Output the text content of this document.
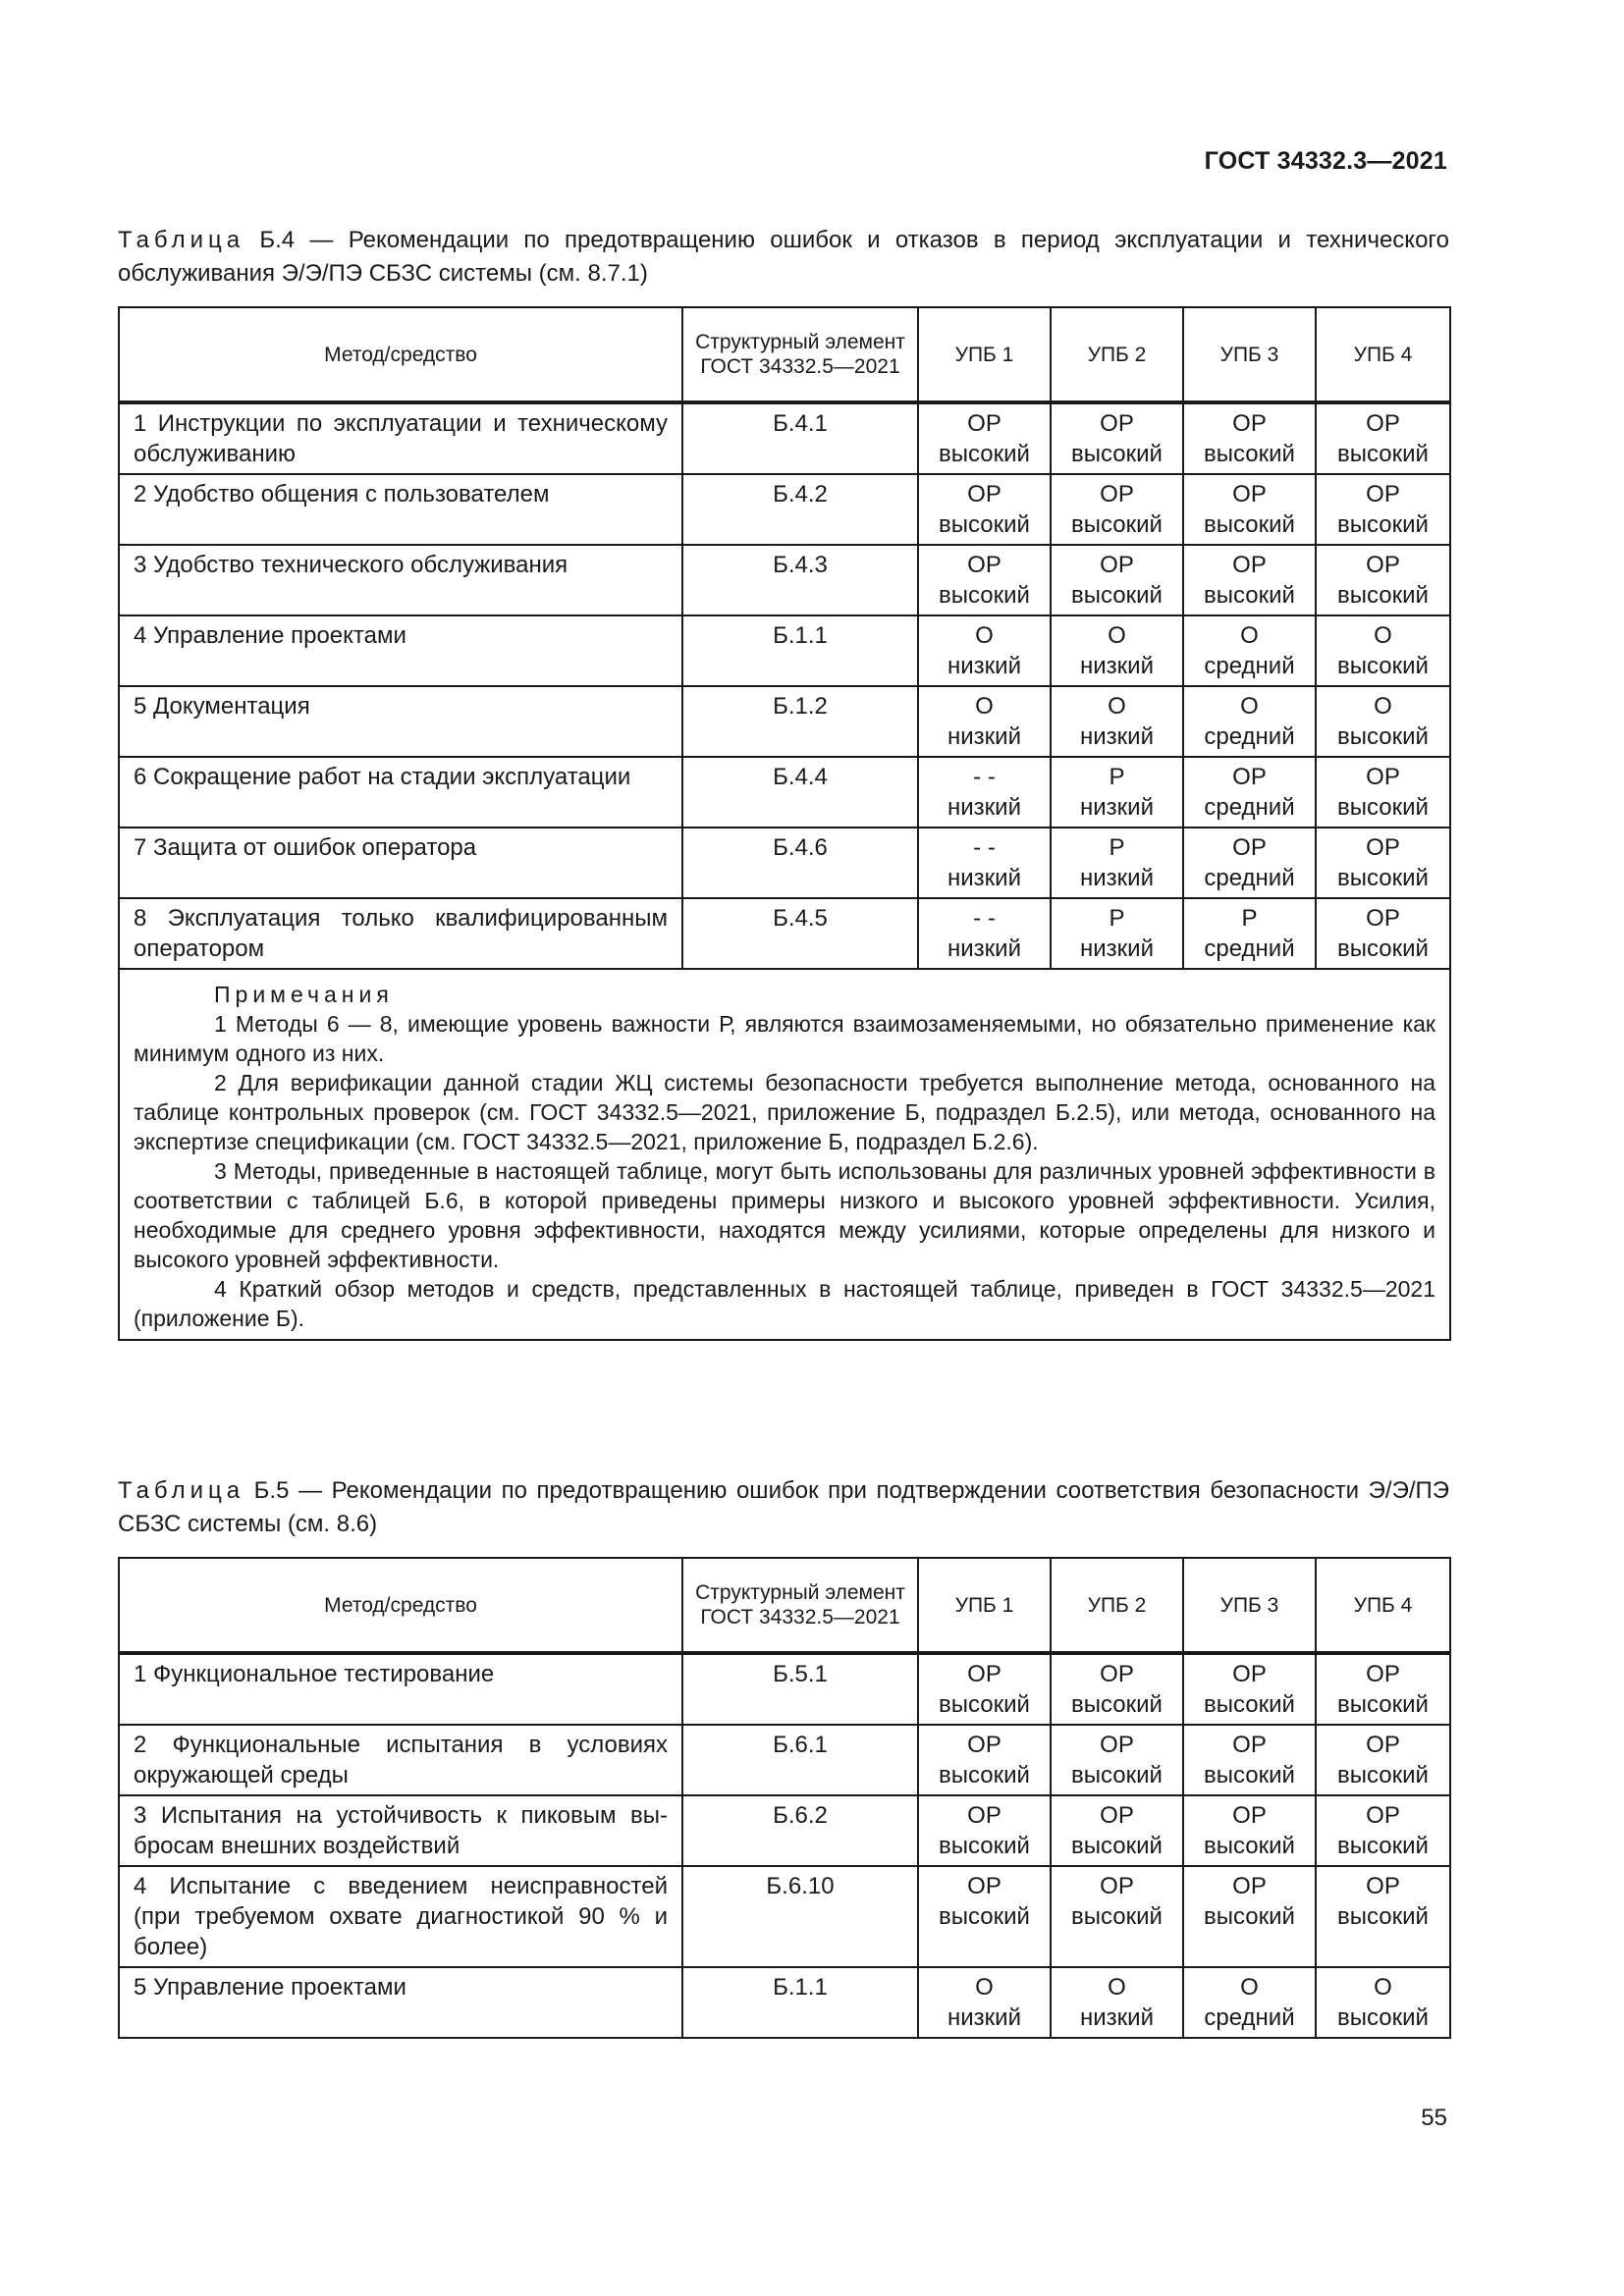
ГОСТ 34332.3—2021
Таблица Б.4 — Рекомендации по предотвращению ошибок и отказов в период эксплуатации и технического обслуживания Э/Э/ПЭ СБЗС системы (см. 8.7.1)
Метод/средство	Структурный элемент ГОСТ 34332.5—2021	УПБ 1	УПБ 2	УПБ 3	УПБ 4

1 Инструкции по эксплуатации и техническому
обслуживанию	Б.4.1	ОР
высокий	ОР
высокий	ОР
высокий	ОР
высокий

2 Удобство общения с пользователем	Б.4.2	ОР
высокий	ОР
высокий	ОР
высокий	ОР
высокий

3 Удобство технического обслуживания	Б.4.3	ОР
высокий	ОР
высокий	ОР
высокий	ОР
высокий

4 Управление проектами	Б.1.1	О
низкий	О
низкий	О
средний	О
высокий

5 Документация	Б.1.2	О
низкий	О
низкий	О
средний	О
высокий

6 Сокращение работ на стадии эксплуатации	Б.4.4	- -
низкий	Р
низкий	ОР
средний	ОР
высокий

7 Защита от ошибок оператора	Б.4.6	- -
низкий	Р
низкий	ОР
средний	ОР
высокий

8 Эксплуатация только квалифицированным
оператором	Б.4.5	- -
низкий	Р
низкий	Р
средний	ОР
высокий

Примечания

1 Методы 6 — 8, имеющие уровень важности Р, являются взаимозаменяемыми, но обязательно применение как минимум одного из них.

2 Для верификации данной стадии ЖЦ системы безопасности требуется выполнение метода, основанного на таблице контрольных проверок (см. ГОСТ 34332.5—2021, приложение Б, подраздел Б.2.5), или метода, основанного на экспертизе спецификации (см. ГОСТ 34332.5—2021, приложение Б, подраздел Б.2.6).

3 Методы, приведенные в настоящей таблице, могут быть использованы для различных уровней эффективности в соответствии с таблицей Б.6, в которой приведены примеры низкого и высокого уровней эффективности. Усилия, необходимые для среднего уровня эффективности, находятся между усилиями, которые определены для низкого и высокого уровней эффективности.

4 Краткий обзор методов и средств, представленных в настоящей таблице, приведен в ГОСТ 34332.5—2021 (приложение Б).					

Таблица Б.5 — Рекомендации по предотвращению ошибок при подтверждении соответствия безопасности Э/Э/ПЭ СБЗС системы (см. 8.6)
Метод/средство	Структурный элемент ГОСТ 34332.5—2021	УПБ 1	УПБ 2	УПБ 3	УПБ 4

1 Функциональное тестирование	Б.5.1	ОР
высокий	ОР
высокий	ОР
высокий	ОР
высокий

2 Функциональные испытания в условиях
окружающей среды	Б.6.1	ОР
высокий	ОР
высокий	ОР
высокий	ОР
высокий

3 Испытания на устойчивость к пиковым вы-
бросам внешних воздействий	Б.6.2	ОР
высокий	ОР
высокий	ОР
высокий	ОР
высокий

4 Испытание с введением неисправностей
(при требуемом охвате диагностикой 90 % и
более)	Б.6.10	ОР
высокий	ОР
высокий	ОР
высокий	ОР
высокий

5 Управление проектами	Б.1.1	О
низкий	О
низкий	О
средний	О
высокий
55
